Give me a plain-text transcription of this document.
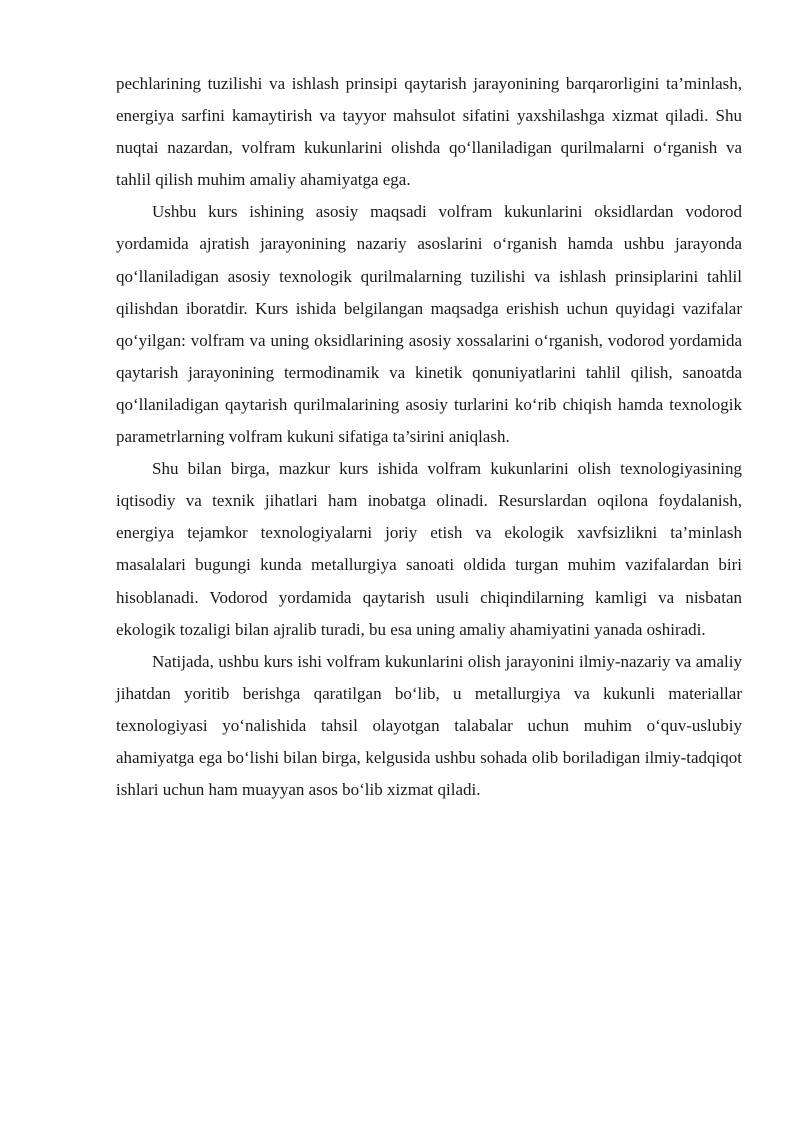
pechlarining tuzilishi va ishlash prinsipi qaytarish jarayonining barqarorligini ta’minlash, energiya sarfini kamaytirish va tayyor mahsulot sifatini yaxshilashga xizmat qiladi. Shu nuqtai nazardan, volfram kukunlarini olishda qo‘llaniladigan qurilmalarni o‘rganish va tahlil qilish muhim amaliy ahamiyatga ega.

Ushbu kurs ishining asosiy maqsadi volfram kukunlarini oksidlardan vodorod yordamida ajratish jarayonining nazariy asoslarini o‘rganish hamda ushbu jarayonda qo‘llaniladigan asosiy texnologik qurilmalarning tuzilishi va ishlash prinsiplarini tahlil qilishdan iboratdir. Kurs ishida belgilangan maqsadga erishish uchun quyidagi vazifalar qo‘yilgan: volfram va uning oksidlarining asosiy xossalarini o‘rganish, vodorod yordamida qaytarish jarayonining termodinamik va kinetik qonuniyatlarini tahlil qilish, sanoatda qo‘llaniladigan qaytarish qurilmalarining asosiy turlarini ko‘rib chiqish hamda texnologik parametrlarning volfram kukuni sifatiga ta’sirini aniqlash.

Shu bilan birga, mazkur kurs ishida volfram kukunlarini olish texnologiyasining iqtisodiy va texnik jihatlari ham inobatga olinadi. Resurslardan oqilona foydalanish, energiya tejamkor texnologiyalarni joriy etish va ekologik xavfsizlikni ta’minlash masalalari bugungi kunda metallurgiya sanoati oldida turgan muhim vazifalardan biri hisoblanadi. Vodorod yordamida qaytarish usuli chiqindilarning kamligi va nisbatan ekologik tozaligi bilan ajralib turadi, bu esa uning amaliy ahamiyatini yanada oshiradi.

Natijada, ushbu kurs ishi volfram kukunlarini olish jarayonini ilmiy-nazariy va amaliy jihatdan yoritib berishga qaratilgan bo‘lib, u metallurgiya va kukunli materiallar texnologiyasi yo‘nalishida tahsil olayotgan talabalar uchun muhim o‘quv-uslubiy ahamiyatga ega bo‘lishi bilan birga, kelgusida ushbu sohada olib boriladigan ilmiy-tadqiqot ishlari uchun ham muayyan asos bo‘lib xizmat qiladi.
